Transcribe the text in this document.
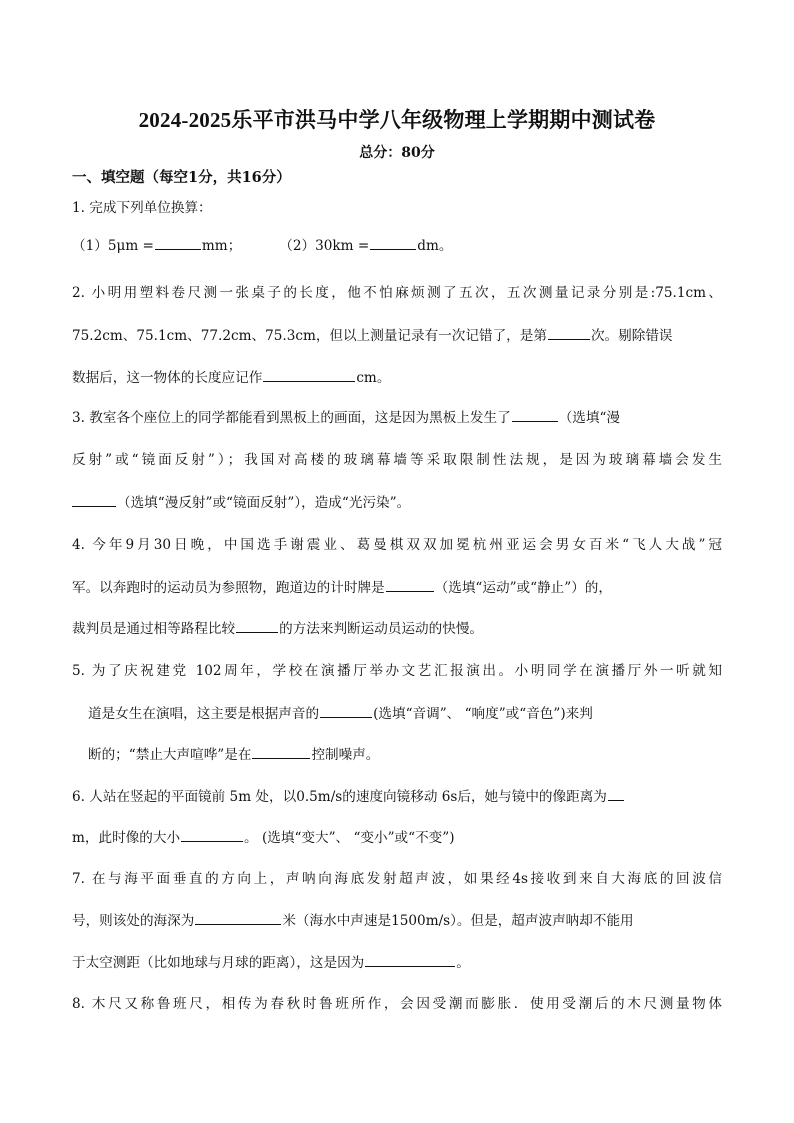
2024-2025乐平市洪马中学八年级物理上学期期中测试卷
总分：80分
一、填空题（每空1分，共16分）
1. 完成下列单位换算：
（1）5μm =	mm；	（2）30km =	dm。
2. 小明用塑料卷尺测一张桌子的长度，他不怕麻烦测了五次，五次测量记录分别是:75.1cm、
75.2cm、75.1cm、77.2cm、75.3cm，但以上测量记录有一次记错了，是第	次。剔除错误
数据后，这一物体的长度应记作	cm。
3. 教室各个座位上的同学都能看到黑板上的画面，这是因为黑板上发生了	（选填“漫
反射”或“镜面反射”）；我国对高楼的玻璃幕墙等采取限制性法规，是因为玻璃幕墙会发生
（选填“漫反射”或“镜面反射”），造成“光污染”。
4. 今年9月30日晚，中国选手谢震业、葛曼棋双双加冕杭州亚运会男女百米“飞人大战”冠
军。以奔跑时的运动员为参照物，跑道边的计时牌是	（选填“运动”或“静止”）的，
裁判员是通过相等路程比较	的方法来判断运动员运动的快慢。
5. 为了庆祝建党 102周年，学校在演播厅举办文艺汇报演出。小明同学在演播厅外一听就知
道是女生在演唱，这主要是根据声音的	(选填“音调”、 “响度”或“音色”)来判
断的；“禁止大声喧哗”是在	控制噪声。
6. 人站在竖起的平面镜前 5m 处，以0.5m/s的速度向镜移动 6s后，她与镜中的像距离为
m，此时像的大小	。 (选填“变大”、 “变小”或“不变”)
7. 在与海平面垂直的方向上，声呐向海底发射超声波，如果经4s接收到来自大海底的回波信
号，则该处的海深为	米（海水中声速是1500m/s）。但是，超声波声呐却不能用
于太空测距（比如地球与月球的距离），这是因为	。
8. 木尺又称鲁班尺，相传为春秋时鲁班所作，会因受潮而膨胀．使用受潮后的木尺测量物体
